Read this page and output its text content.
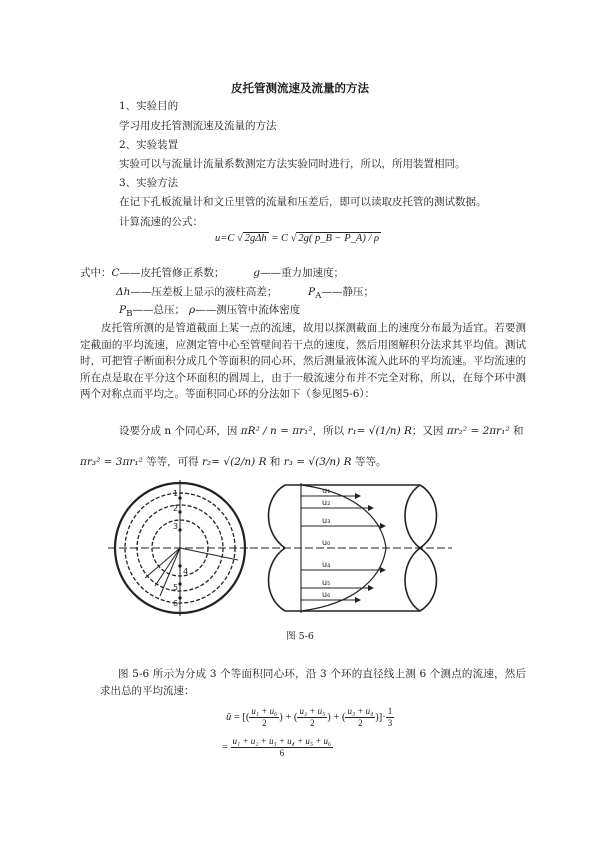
皮托管测流速及流量的方法
1、实验目的
学习用皮托管测流速及流量的方法
2、实验装置
实验可以与流量计流量系数测定方法实验同时进行，所以，所用装置相同。
3、实验方法
在记下孔板流量计和文丘里管的流量和压差后，即可以读取皮托管的测试数据。
计算流速的公式：
u=C √ 2gΔh = C √ 2g( p_B − P_A) / ρ
式中：C——皮托管修正系数；	g——重力加速度；
Δh——压差板上显示的液柱高差；	$P_A——$静压；
$P_B——$总压； ρ——测压管中流体密度
皮托管所测的是管道截面上某一点的流速，故用以探测截面上的速度分布最为适宜。若要测定截面的平均流速，应测定管中心至管壁间若干点的速度，然后用图解积分法求其平均值。测试时，可把管子断面积分成几个等面积的同心环，然后测量液体流入此环的平均流速。平均流速的所在点是取在平分这个环面积的圆周上，由于一般流速分布并不完全对称，所以，在每个环中测两个对称点而平均之。等面积同心环的分法如下（参见图5-6）：
设要分成 n 个同心环，因 πR² / n = πr₁²，所以 r₁= √(1/n) R；又因 πr₂² = 2πr₁² 和
πr₃² = 3πr₁² 等等，可得 r₂= √(2/n) R 和 r₃ = √(3/n) R 等等。
1
2
3
4
5
6
u₁
u₂
u₃
u₀
u₄
u₅
u₆
图 5-6
图 5-6 所示为分成 3 个等面积同心环，沿 3 个环的直径线上测 6 个测点的流速，然后求出总的平均流速：
ū = [( $\frac{\text{u₁ + u₆}}{2}$ ) + ( $\frac{\text{u₂ + u₅}}{2}$ ) + ( $\frac{\text{u₃ + u₄}}{2}$ )]· $\frac{1}{3}$
= $\frac{\text{u₁ + u₂ + u₃ + u₄ + u₅ + u₆}}{6}$
